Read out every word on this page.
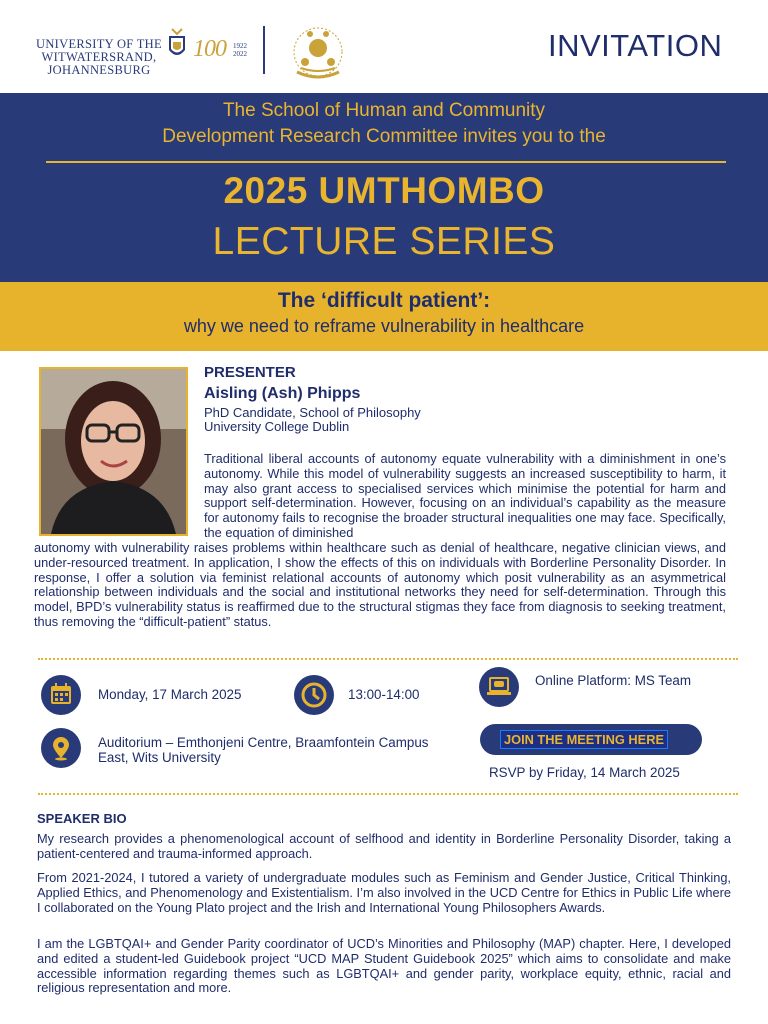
UNIVERSITY OF THE
WITWATERSRAND,
JOHANNESBURG
100 1922
2022	INVITATION
The School of Human and Community
Development Research Committee invites you to the
2025 UMTHOMBO
LECTURE SERIES
The ‘difficult patient’:
why we need to reframe vulnerability in healthcare
PRESENTER
Aisling (Ash) Phipps
PhD Candidate, School of Philosophy
University College Dublin
Traditional liberal accounts of autonomy equate vulnerability with a diminishment in one’s autonomy. While this model of vulnerability suggests an increased susceptibility to harm, it may also grant access to specialised services which minimise the potential for harm and support self-determination. However, focusing on an individual’s capability as the measure for autonomy fails to recognise the broader structural inequalities one may face. Specifically, the equation of diminished
autonomy with vulnerability raises problems within healthcare such as denial of healthcare, negative clinician views, and under-resourced treatment. In application, I show the effects of this on individuals with Borderline Personality Disorder. In response, I offer a solution via feminist relational accounts of autonomy which posit vulnerability as an asymmetrical relationship between individuals and the social and institutional networks they need for self-determination. Through this model, BPD’s vulnerability status is reaffirmed due to the structural stigmas they face from diagnosis to seeking treatment, thus removing the “difficult-patient” status.
Monday, 17 March 2025	13:00-14:00
Online Platform: MS Team
Auditorium – Emthonjeni Centre, Braamfontein Campus
East, Wits University
JOIN THE MEETING HERE
RSVP by Friday, 14 March 2025
SPEAKER BIO
My research provides a phenomenological account of selfhood and identity in Borderline Personality Disorder, taking a patient-centered and trauma-informed approach.
From 2021-2024, I tutored a variety of undergraduate modules such as Feminism and Gender Justice, Critical Thinking, Applied Ethics, and Phenomenology and Existentialism. I’m also involved in the UCD Centre for Ethics in Public Life where I collaborated on the Young Plato project and the Irish and International Young Philosophers Awards.
I am the LGBTQAI+ and Gender Parity coordinator of UCD’s Minorities and Philosophy (MAP) chapter. Here, I developed and edited a student-led Guidebook project “UCD MAP Student Guidebook 2025” which aims to consolidate and make accessible information regarding themes such as LGBTQAI+ and gender parity, workplace equity, ethnic, racial and religious representation and more.
